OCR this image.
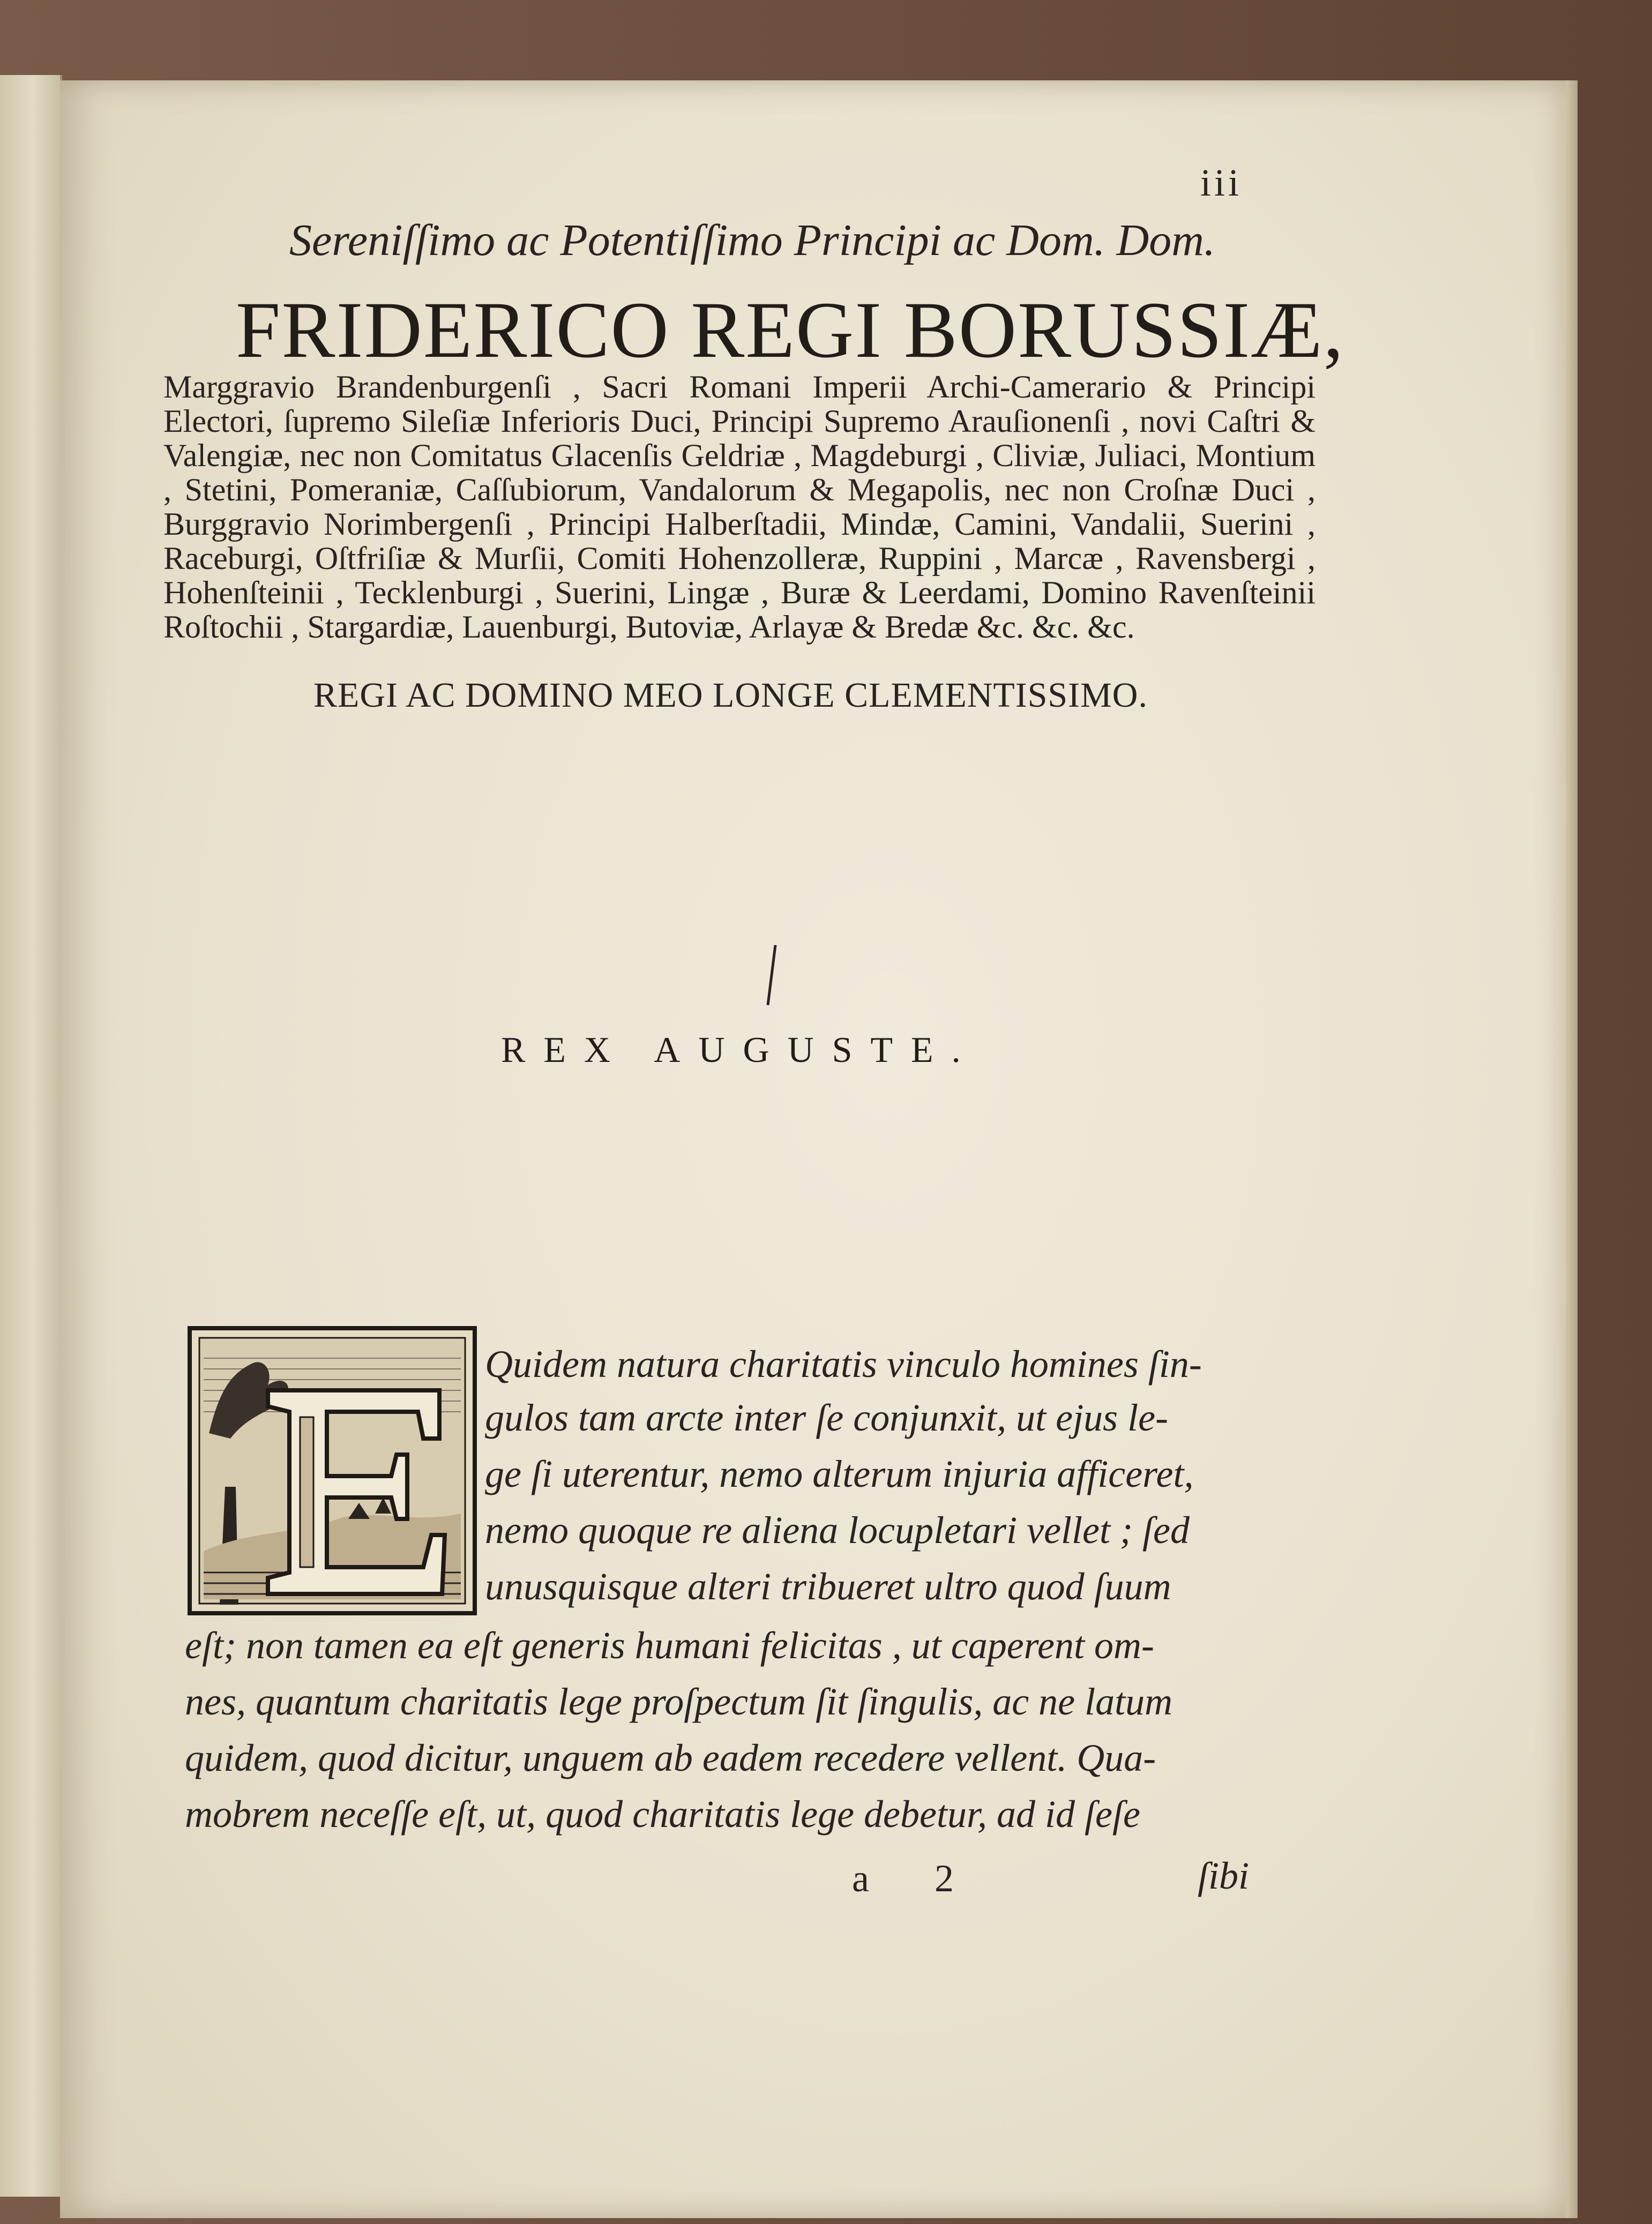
iii
Sereniſſimo ac Potentiſſimo Principi ac Dom. Dom.
FRIDERICO REGI BORUSSIÆ,
Marggravio Brandenburgenſi , Sacri Romani Imperii Archi-Camerario & Principi Electori, ſupremo Sileſiæ Inferioris Duci, Principi Supremo Arauſionenſi , novi Caſtri & Valengiæ, nec non Comitatus Glacenſis Geldriæ , Magdeburgi , Cliviæ, Juliaci, Montium , Stetini, Pomeraniæ, Caſſubiorum, Vandalorum & Megapolis, nec non Croſnæ Duci , Burggravio Norimbergenſi , Principi Halberſtadii, Mindæ, Camini, Vandalii, Suerini , Raceburgi, Oſtfriſiæ & Murſii, Comiti Hohenzolleræ, Ruppini , Marcæ , Ravensbergi , Hohenſteinii , Tecklenburgi , Suerini, Lingæ , Buræ & Leerdami, Domino Ravenſteinii Roſtochii , Stargardiæ, Lauenburgi, Butoviæ, Arlayæ & Bredæ &c. &c. &c.
REGI AC DOMINO MEO LONGE CLEMENTISSIMO.
REX AUGUSTE.
Quidem natura charitatis vinculo homines ſin-
gulos tam arcte inter ſe conjunxit, ut ejus le-
ge ſi uterentur, nemo alterum injuria afficeret,
nemo quoque re aliena locupletari vellet ; ſed
unusquisque alteri tribueret ultro quod ſuum
eſt; non tamen ea eſt generis humani felicitas , ut caperent om-
nes, quantum charitatis lege proſpectum ſit ſingulis, ac ne latum
quidem, quod dicitur, unguem ab eadem recedere vellent. Qua-
mobrem neceſſe eſt, ut, quod charitatis lege debetur, ad id ſeſe
a 2	ſibi
